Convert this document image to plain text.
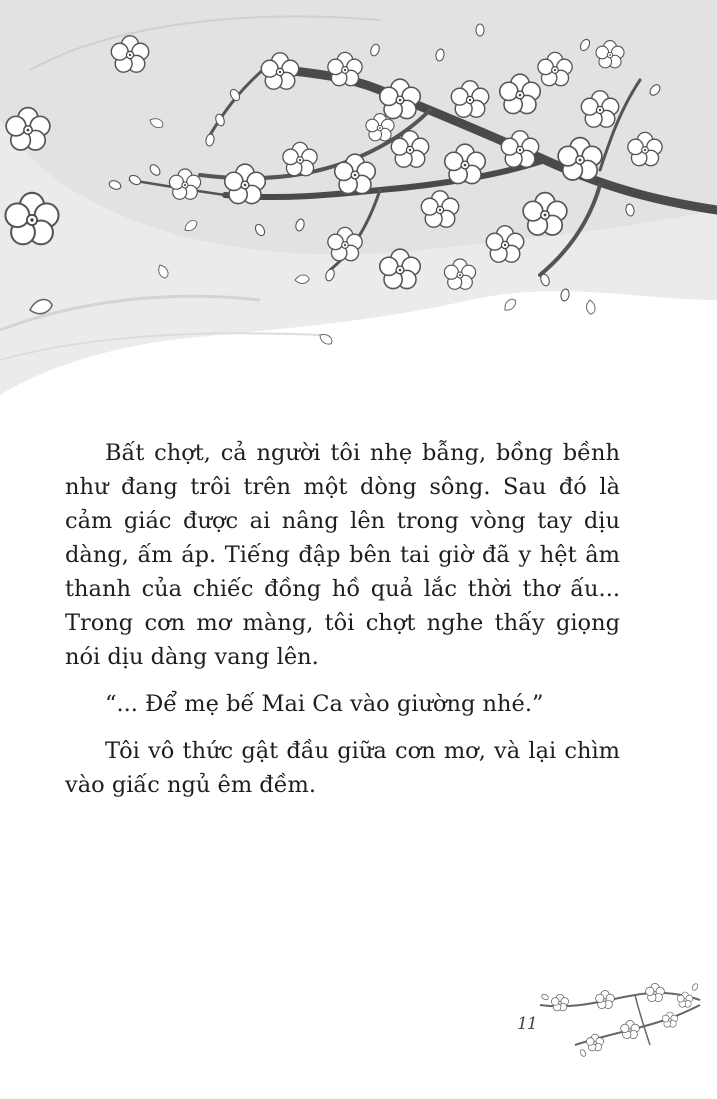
Bất chợt, cả người tôi nhẹ bẫng, bồng bềnh như đang trôi trên một dòng sông. Sau đó là cảm giác được ai nâng lên trong vòng tay dịu dàng, ấm áp. Tiếng đập bên tai giờ đã y hệt âm thanh của chiếc đồng hồ quả lắc thời thơ ấu... Trong cơn mơ màng, tôi chợt nghe thấy giọng nói dịu dàng vang lên.

“... Để mẹ bế Mai Ca vào giường nhé.”

Tôi vô thức gật đầu giữa cơn mơ, và lại chìm vào giấc ngủ êm đềm.

11
